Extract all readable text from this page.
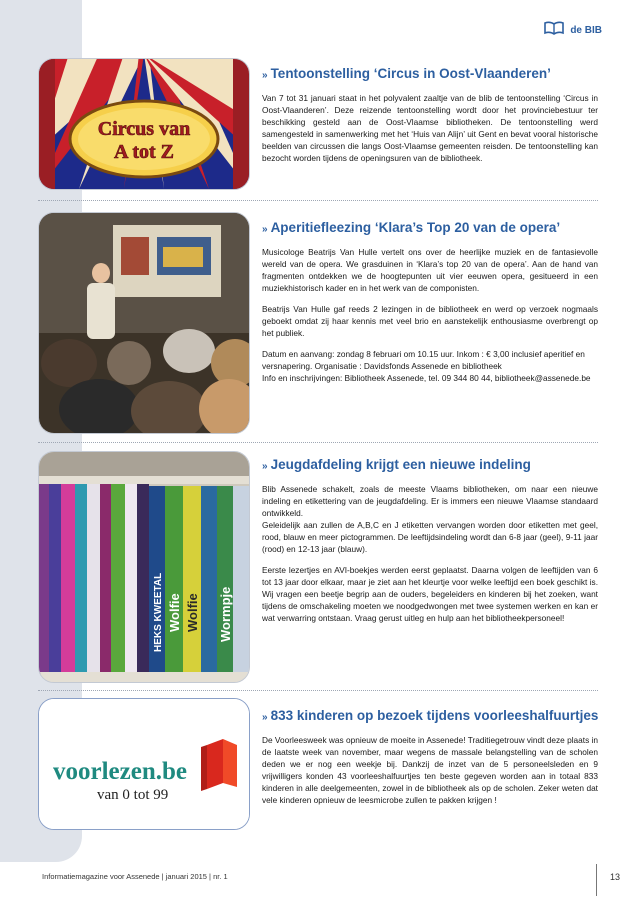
de BIB
Circus van
A tot Z
» Tentoonstelling ‘Circus in Oost-Vlaanderen’

Van 7 tot 31 januari staat in het polyvalent zaaltje van de blib de tentoonstelling ‘Circus in Oost-Vlaanderen’. Deze reizende tentoonstelling wordt door het provinciebestuur ter beschikking gesteld aan de Oost-Vlaamse bibliotheken. De tentoonstelling werd samengesteld in samenwerking met het ‘Huis van Alijn’ uit Gent en bevat vooral historische beelden van circussen die langs Oost-Vlaamse gemeenten reisden. De tentoonstelling kan bezocht worden tijdens de openingsuren van de bibliotheek.

» Aperitiefleezing ‘Klara’s Top 20 van de opera’

Musicologe Beatrijs Van Hulle vertelt ons over de heerlijke muziek en de fantasievolle wereld van de opera. We grasduinen in ‘Klara’s top 20 van de opera’. Aan de hand van fragmenten ontdekken we de hoogtepunten uit vier eeuwen opera, gesitueerd in een muziekhistorisch kader en in het werk van de componisten.

Beatrijs Van Hulle gaf reeds 2 lezingen in de bibliotheek en werd op verzoek nogmaals geboekt omdat zij haar kennis met veel brio en aanstekelijk enthousiasme overbrengt op het publiek.

Datum en aanvang: zondag 8 februari om 10.15 uur. Inkom : € 3,00 inclusief aperitief en versnapering. Organisatie : Davidsfonds Assenede en bibliotheek

Info en inschrijvingen: Bibliotheek Assenede, tel. 09 344 80 44, bibliotheek@assenede.be

Wolfie
HEKS KWEETAL Wolfie Wormpje
» Jeugdafdeling krijgt een nieuwe indeling

Blib Assenede schakelt, zoals de meeste Vlaams bibliotheken, om naar een nieuwe indeling en etikettering van de jeugdafdeling. Er is immers een nieuwe Vlaamse standaard ontwikkeld.

Geleidelijk aan zullen de A,B,C en J etiketten vervangen worden door etiketten met geel, rood, blauw en meer pictogrammen. De leeftijdsindeling wordt dan 6-8 jaar (geel), 9-11 jaar (rood) en 12-13 jaar (blauw).

Eerste lezertjes en AVI-boekjes werden eerst geplaatst. Daarna volgen de leeftijden van 6 tot 13 jaar door elkaar, maar je ziet aan het kleurtje voor welke leeftijd een boek geschikt is. Wij vragen een beetje begrip aan de ouders, begeleiders en kinderen bij het zoeken, want tijdens de omschakeling moeten we noodgedwongen met twee systemen werken en kan er wat verwarring ontstaan. Vraag gerust uitleg en hulp aan het bibliotheekpersoneel!

voorlezen.be
van 0 tot 99
» 833 kinderen op bezoek tijdens voorleeshalfuurtjes

De Voorleesweek was opnieuw de moeite in Assenede! Traditiegetrouw vindt deze plaats in de laatste week van november, maar wegens de massale belangstelling van de scholen deden we er nog een weekje bij. Dankzij de inzet van de 5 personeelsleden en 9 vrijwilligers konden 43 voorleeshalfuurtjes ten beste gegeven worden aan in totaal 833 kinderen in alle deelgemeenten, zowel in de bibliotheek als op de scholen. Zeker weten dat vele kinderen opnieuw de leesmicrobe zullen te pakken krijgen !

Informatiemagazine voor Assenede | januari 2015 | nr. 1	13
